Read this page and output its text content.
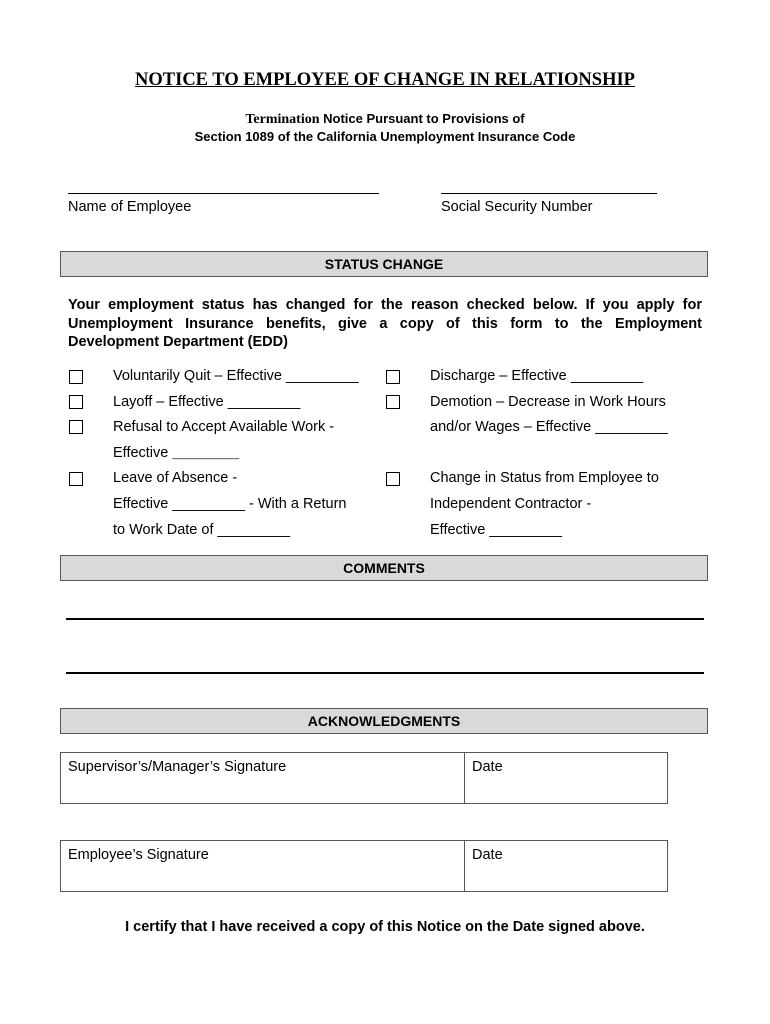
NOTICE TO EMPLOYEE OF CHANGE IN RELATIONSHIP
Termination Notice Pursuant to Provisions of
Section 1089 of the California Unemployment Insurance Code
Name of Employee	Social Security Number
STATUS CHANGE
Your employment status has changed for the reason checked below. If you apply for Unemployment Insurance benefits, give a copy of this form to the Employment Development Department (EDD)
Voluntarily Quit – Effective _________
Layoff – Effective _________
Refusal to Accept Available Work -
Effective ____________
Leave of Absence -
Effective _________ - With a Return
to Work Date of _________
Discharge – Effective _________
Demotion – Decrease in Work Hours
and/or Wages – Effective _________
Change in Status from Employee to
Independent Contractor -
Effective _________
COMMENTS
ACKNOWLEDGMENTS
Supervisor’s/Manager’s Signature	Date
Employee’s Signature	Date
I certify that I have received a copy of this Notice on the Date signed above.
